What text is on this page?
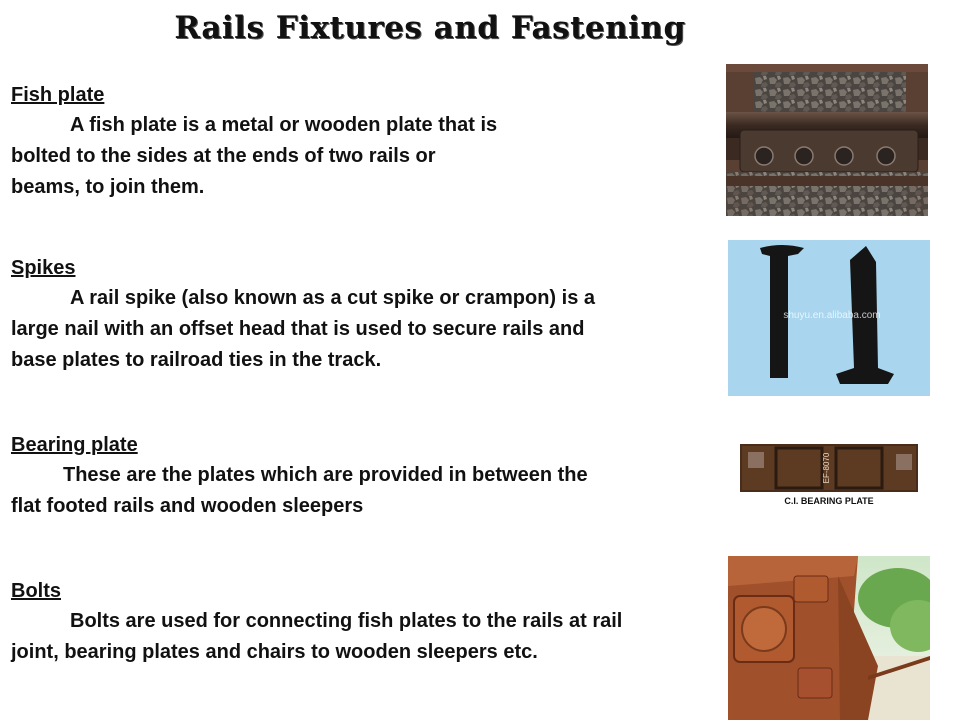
Rails Fixtures and Fastening
Fish plate

A fish plate is a metal or wooden plate that is
bolted to the sides at the ends of two rails or
beams, to join them.

Spikes

A rail spike (also known as a cut spike or crampon) is a
large nail with an offset head that is used to secure rails and
base plates to railroad ties in the track.

Bearing plate

These are the plates which are provided in between the
flat footed rails and wooden sleepers

Bolts

Bolts are used for connecting fish plates to the rails at rail
joint, bearing plates and chairs to wooden sleepers etc.

shuyu.en.alibaba.com
EF-8070
C.I. BEARING PLATE
